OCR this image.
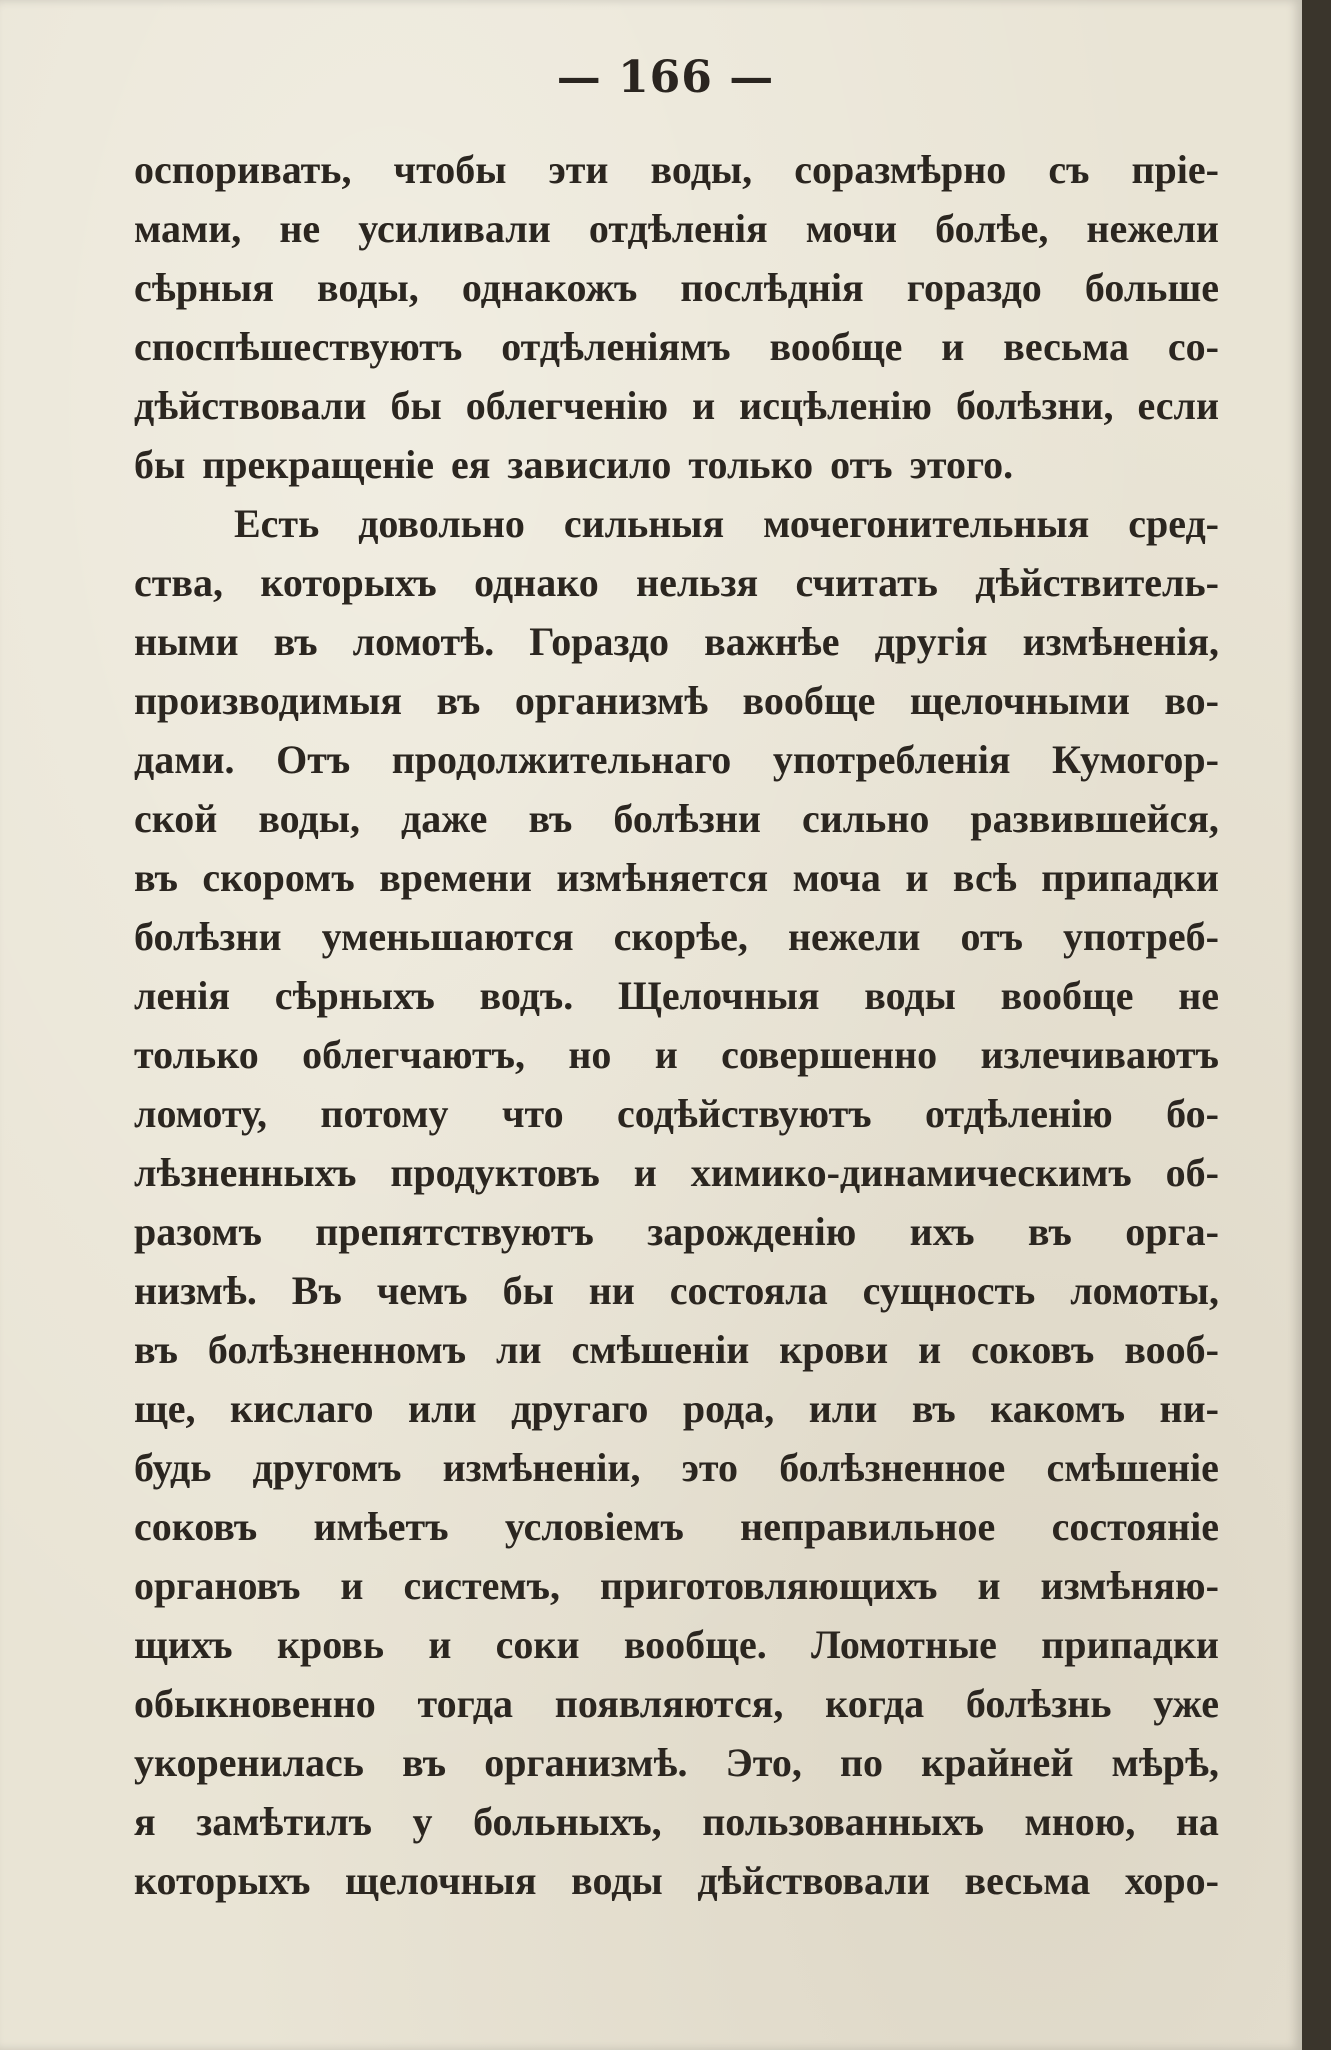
— 166 —
оспоривать, чтобы эти воды, соразмѣрно съ пріе-
мами, не усиливали отдѣленія мочи болѣе, нежели
сѣрныя воды, однакожъ послѣднія гораздо больше
споспѣшествуютъ отдѣленіямъ вообще и весьма со-
дѣйствовали бы облегченію и исцѣленію болѣзни, если
бы прекращеніе ея зависило только отъ этого.
Есть довольно сильныя мочегонительныя сред-
ства, которыхъ однако нельзя считать дѣйствитель-
ными въ ломотѣ. Гораздо важнѣе другія измѣненія,
производимыя въ организмѣ вообще щелочными во-
дами. Отъ продолжительнаго употребленія Кумогор-
ской воды, даже въ болѣзни сильно развившейся,
въ скоромъ времени измѣняется моча и всѣ припадки
болѣзни уменьшаются скорѣе, нежели отъ употреб-
ленія сѣрныхъ водъ. Щелочныя воды вообще не
только облегчаютъ, но и совершенно излечиваютъ
ломоту, потому что содѣйствуютъ отдѣленію бо-
лѣзненныхъ продуктовъ и химико-динамическимъ об-
разомъ препятствуютъ зарожденію ихъ въ орга-
низмѣ. Въ чемъ бы ни состояла сущность ломоты,
въ болѣзненномъ ли смѣшеніи крови и соковъ вооб-
ще, кислаго или другаго рода, или въ какомъ ни-
будь другомъ измѣненіи, это болѣзненное смѣшеніе
соковъ имѣетъ условіемъ неправильное состояніе
органовъ и системъ, приготовляющихъ и измѣняю-
щихъ кровь и соки вообще. Ломотные припадки
обыкновенно тогда появляются, когда болѣзнь уже
укоренилась въ организмѣ. Это, по крайней мѣрѣ,
я замѣтилъ у больныхъ, пользованныхъ мною, на
которыхъ щелочныя воды дѣйствовали весьма хоро-
